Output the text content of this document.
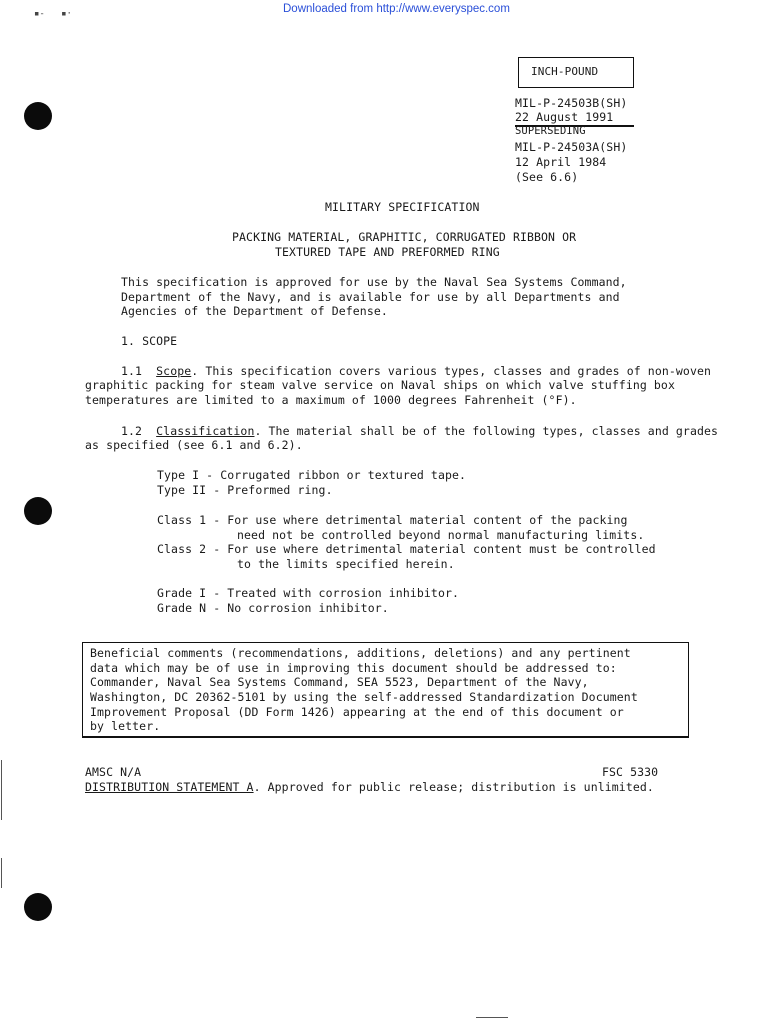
▪-   ▪·	Downloaded from http://www.everyspec.com
INCH-POUND
MIL-P-24503B(SH)
22 August 1991
SUPERSEDING
MIL-P-24503A(SH)
12 April 1984
(See 6.6)
MILITARY SPECIFICATION
PACKING MATERIAL, GRAPHITIC, CORRUGATED RIBBON OR
TEXTURED TAPE AND PREFORMED RING
This specification is approved for use by the Naval Sea Systems Command,
Department of the Navy, and is available for use by all Departments and
Agencies of the Department of Defense.
1. SCOPE
1.1 Scope. This specification covers various types, classes and grades of non-woven
graphitic packing for steam valve service on Naval ships on which valve stuffing box
temperatures are limited to a maximum of 1000 degrees Fahrenheit (°F).
1.2 Classification. The material shall be of the following types, classes and grades
as specified (see 6.1 and 6.2).
Type I - Corrugated ribbon or textured tape.
Type II - Preformed ring.
Class 1 - For use where detrimental material content of the packing
need not be controlled beyond normal manufacturing limits.
Class 2 - For use where detrimental material content must be controlled
to the limits specified herein.
Grade I - Treated with corrosion inhibitor.
Grade N - No corrosion inhibitor.
Beneficial comments (recommendations, additions, deletions) and any pertinent
data which may be of use in improving this document should be addressed to:
Commander, Naval Sea Systems Command, SEA 5523, Department of the Navy,
Washington, DC 20362-5101 by using the self-addressed Standardization Document
Improvement Proposal (DD Form 1426) appearing at the end of this document or
by letter.
AMSC N/A	FSC 5330
DISTRIBUTION STATEMENT A. Approved for public release; distribution is unlimited.
